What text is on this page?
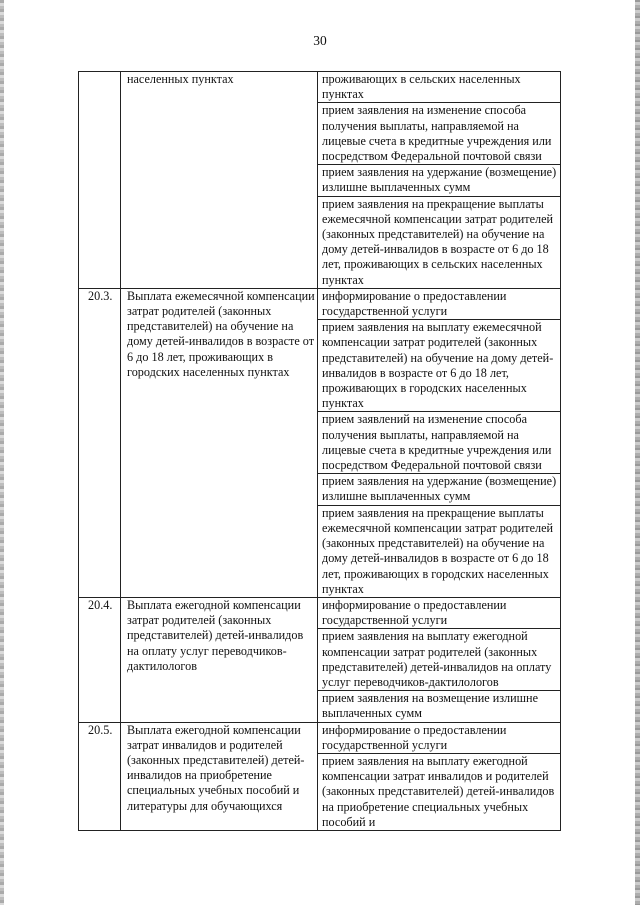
30
	населенных пунктах	проживающих в сельских населенных пунктах
		прием заявления на изменение способа получения выплаты, направляемой на лицевые счета в кредитные учреждения или посредством Федеральной почтовой связи
		прием заявления на удержание (возмещение) излишне выплаченных сумм
		прием заявления на прекращение выплаты ежемесячной компенсации затрат родителей (законных представителей) на обучение на дому детей-инвалидов в возрасте от 6 до 18 лет, проживающих в сельских населенных пунктах
20.3.	Выплата ежемесячной компенсации затрат родителей (законных представителей) на обучение на дому детей-инвалидов в возрасте от 6 до 18 лет, проживающих в городских населенных пунктах	информирование о предоставлении государственной услуги
		прием заявления на выплату ежемесячной компенсации затрат родителей (законных представителей) на обучение на дому детей-инвалидов в возрасте от 6 до 18 лет, проживающих в городских населенных пунктах
		прием заявлений на изменение способа получения выплаты, направляемой на лицевые счета в кредитные учреждения или посредством Федеральной почтовой связи
		прием заявления на удержание (возмещение) излишне выплаченных сумм
		прием заявления на прекращение выплаты ежемесячной компенсации затрат родителей (законных представителей) на обучение на дому детей-инвалидов в возрасте от 6 до 18 лет, проживающих в городских населенных пунктах
20.4.	Выплата ежегодной компенсации затрат родителей (законных представителей) детей-инвалидов на оплату услуг переводчиков-дактилологов	информирование о предоставлении государственной услуги
		прием заявления на выплату ежегодной компенсации затрат родителей (законных представителей) детей-инвалидов на оплату услуг переводчиков-дактилологов
		прием заявления на возмещение излишне выплаченных сумм
20.5.	Выплата ежегодной компенсации затрат инвалидов и родителей (законных представителей) детей-инвалидов на приобретение специальных учебных пособий и литературы для обучающихся	информирование о предоставлении государственной услуги
		прием заявления на выплату ежегодной компенсации затрат инвалидов и родителей (законных представителей) детей-инвалидов на приобретение специальных учебных пособий и
